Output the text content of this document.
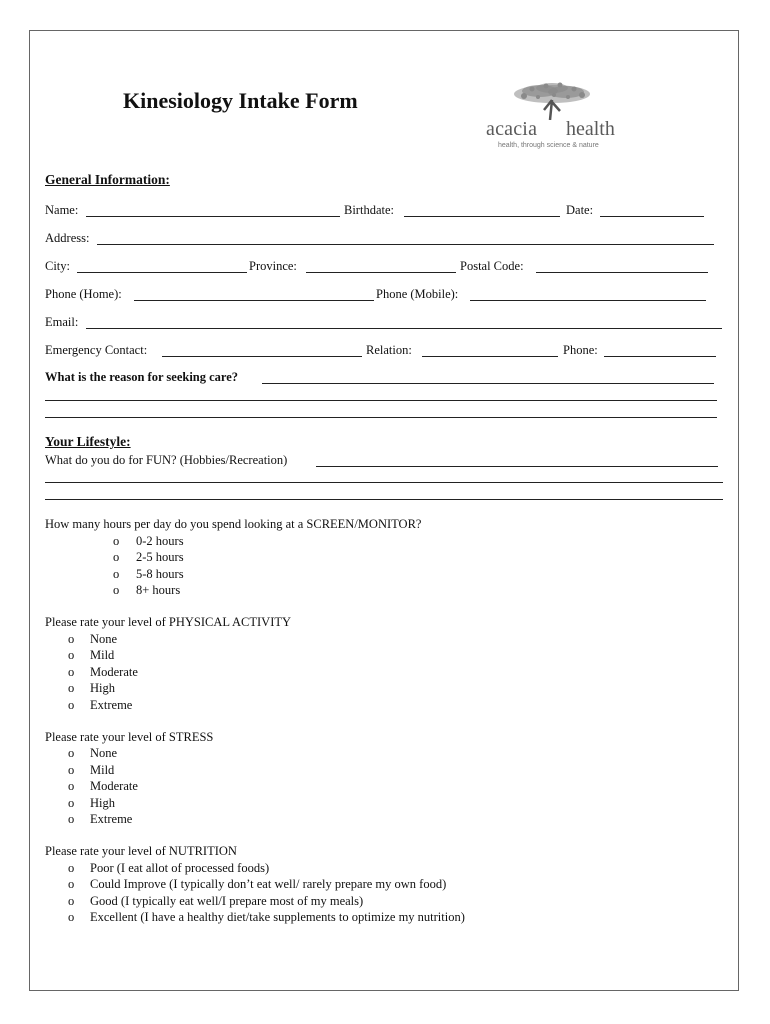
Kinesiology Intake Form
acacia health
health, through science & nature
General Information:
Name:	Birthdate:	Date:
Address:
City:	Province:	Postal Code:
Phone (Home):	Phone (Mobile):
Email:
Emergency Contact:	Relation:	Phone:
What is the reason for seeking care?
Your Lifestyle:
What do you do for FUN? (Hobbies/Recreation)
How many hours per day do you spend looking at a SCREEN/MONITOR?
o 0-2 hours
o 2-5 hours
o 5-8 hours
o 8+ hours
Please rate your level of PHYSICAL ACTIVITY
o None
o Mild
o Moderate
o High
o Extreme
Please rate your level of STRESS
o None
o Mild
o Moderate
o High
o Extreme
Please rate your level of NUTRITION
o Poor (I eat allot of processed foods)
o Could Improve (I typically don’t eat well/ rarely prepare my own food)
o Good (I typically eat well/I prepare most of my meals)
o Excellent (I have a healthy diet/take supplements to optimize my nutrition)
